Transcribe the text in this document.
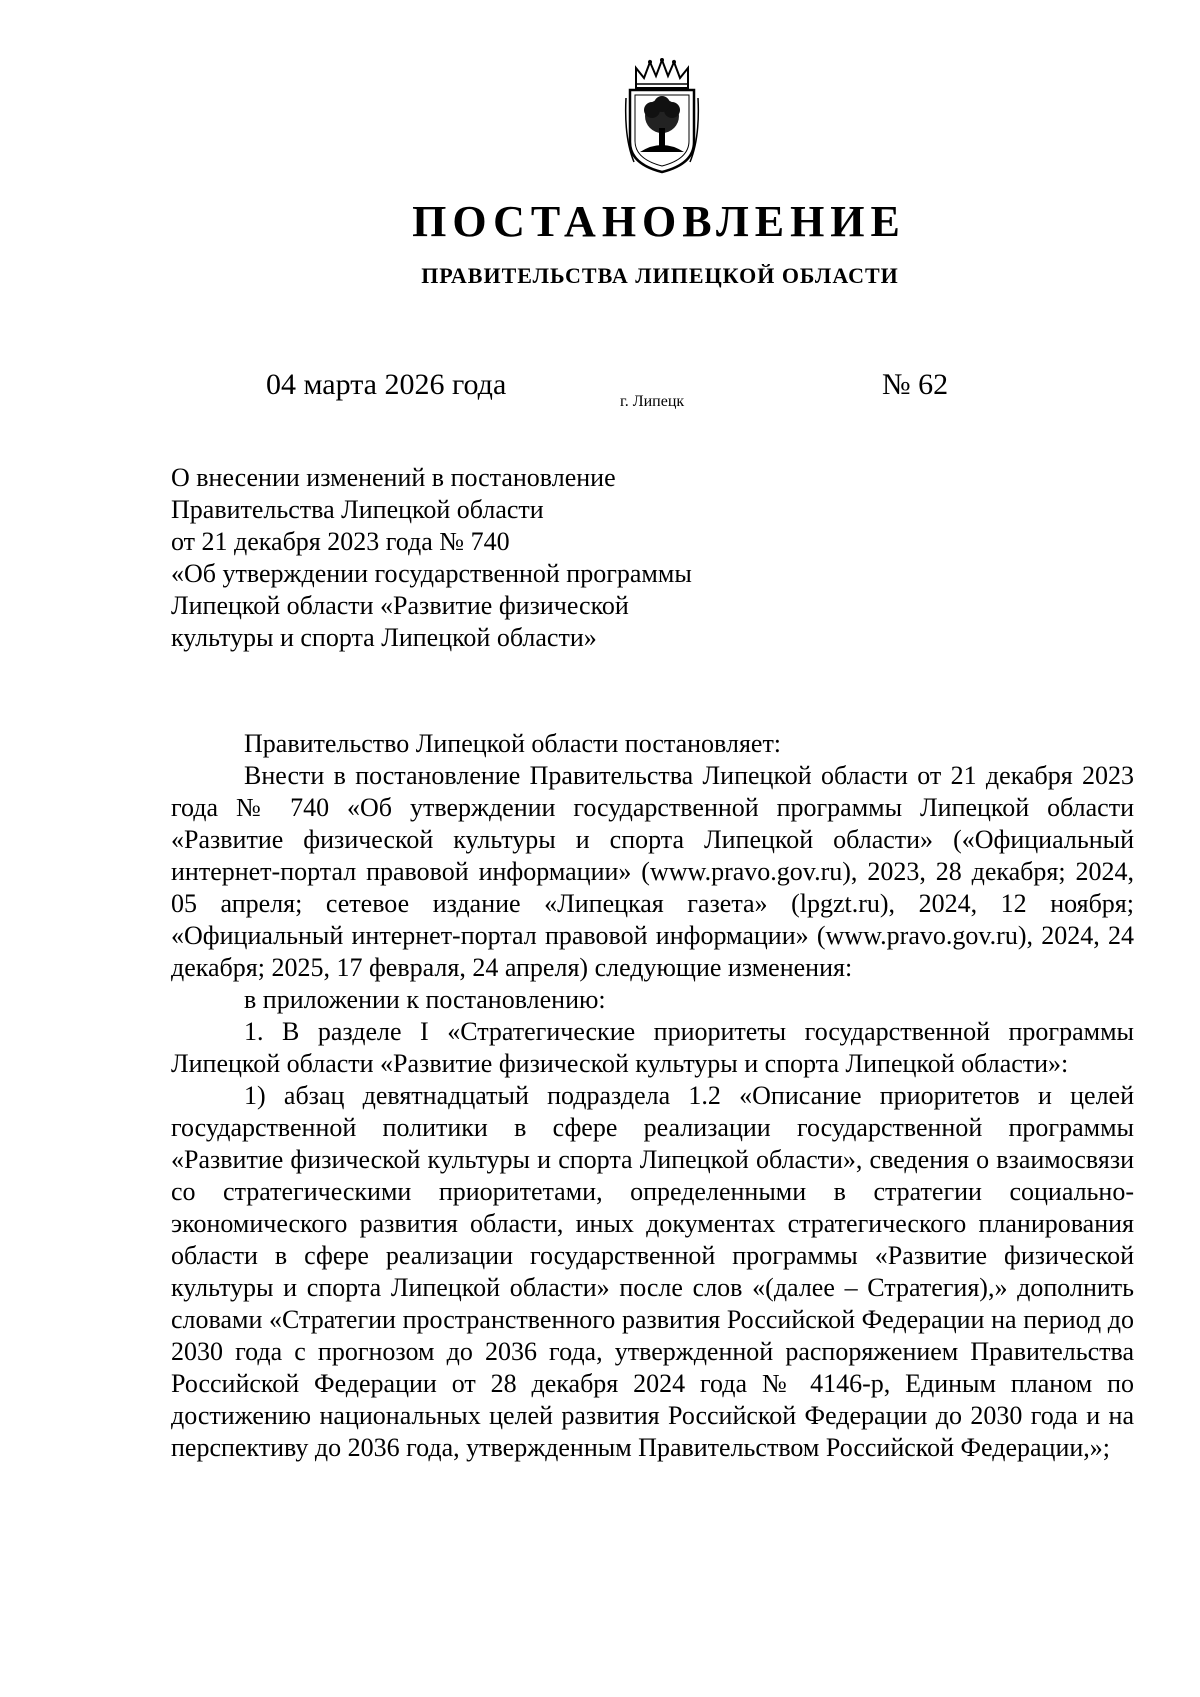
ПОСТАНОВЛЕНИЕ
ПРАВИТЕЛЬСТВА ЛИПЕЦКОЙ ОБЛАСТИ
04 марта 2026 года
г. Липецк
№ 62
О внесении изменений в постановление
Правительства Липецкой области
от 21 декабря 2023 года № 740
«Об утверждении государственной программы
Липецкой области «Развитие физической
культуры и спорта Липецкой области»

Правительство Липецкой области постановляет:

Внести в постановление Правительства Липецкой области от 21 декабря 2023 года № 740 «Об утверждении государственной программы Липецкой области «Развитие физической культуры и спорта Липецкой области» («Официальный интернет-портал правовой информации» (www.pravo.gov.ru), 2023, 28 декабря; 2024, 05 апреля; сетевое издание «Липецкая газета» (lpgzt.ru), 2024, 12 ноября; «Официальный интернет-портал правовой информации» (www.pravo.gov.ru), 2024, 24 декабря; 2025, 17 февраля, 24 апреля) следующие изменения:

в приложении к постановлению:

1. В разделе I «Стратегические приоритеты государственной программы Липецкой области «Развитие физической культуры и спорта Липецкой области»:

1) абзац девятнадцатый подраздела 1.2 «Описание приоритетов и целей государственной политики в сфере реализации государственной программы «Развитие физической культуры и спорта Липецкой области», сведения о взаимосвязи со стратегическими приоритетами, определенными в стратегии социально-экономического развития области, иных документах стратегического планирования области в сфере реализации государственной программы «Развитие физической культуры и спорта Липецкой области» после слов «(далее – Стратегия),» дополнить словами «Стратегии пространственного развития Российской Федерации на период до 2030 года с прогнозом до 2036 года, утвержденной распоряжением Правительства Российской Федерации от 28 декабря 2024 года № 4146-р, Единым планом по достижению национальных целей развития Российской Федерации до 2030 года и на перспективу до 2036 года, утвержденным Правительством Российской Федерации,»;
